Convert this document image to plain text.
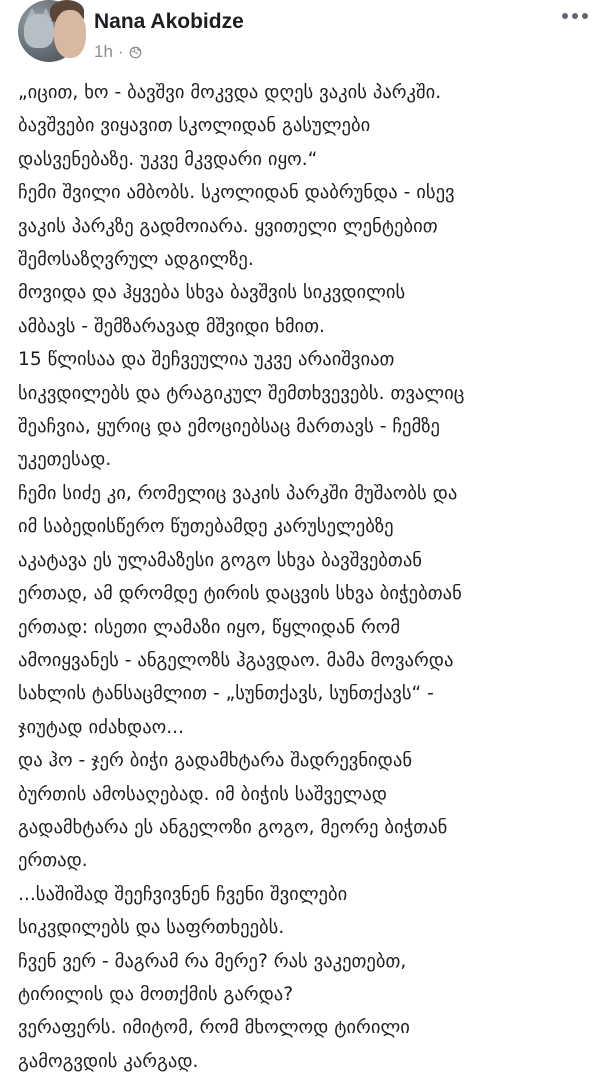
Nana Akobidze
1h ·
„იცით, ხო - ბავშვი მოკვდა დღეს ვაკის პარკში.
ბავშვები ვიყავით სკოლიდან გასულები
დასვენებაზე. უკვე მკვდარი იყო.“
ჩემი შვილი ამბობს. სკოლიდან დაბრუნდა - ისევ
ვაკის პარკზე გადმოიარა. ყვითელი ლენტებით
შემოსაზღვრულ ადგილზე.
მოვიდა და ჰყვება სხვა ბავშვის სიკვდილის
ამბავს - შემზარავად მშვიდი ხმით.
15 წლისაა და შეჩვეულია უკვე არაიშვიათ
სიკვდილებს და ტრაგიკულ შემთხვევებს. თვალიც
შეაჩვია, ყურიც და ემოციებსაც მართავს - ჩემზე
უკეთესად.
ჩემი სიძე კი, რომელიც ვაკის პარკში მუშაობს და
იმ საბედისწერო წუთებამდე კარუსელებზე
აკატავა ეს ულამაზესი გოგო სხვა ბავშვებთან
ერთად, ამ დრომდე ტირის დაცვის სხვა ბიჭებთან
ერთად: ისეთი ლამაზი იყო, წყლიდან რომ
ამოიყვანეს - ანგელოზს ჰგავდაო. მამა მოვარდა
სახლის ტანსაცმლით - „სუნთქავს, სუნთქავს“ -
ჯიუტად იძახდაო...
და ჰო - ჯერ ბიჭი გადამხტარა შადრევნიდან
ბურთის ამოსაღებად. იმ ბიჭის საშველად
გადამხტარა ეს ანგელოზი გოგო, მეორე ბიჭთან
ერთად.
...საშიშად შეეჩვივნენ ჩვენი შვილები
სიკვდილებს და საფრთხეებს.
ჩვენ ვერ - მაგრამ რა მერე? რას ვაკეთებთ,
ტირილის და მოთქმის გარდა?
ვერაფერს. იმიტომ, რომ მხოლოდ ტირილი
გამოგვდის კარგად.
